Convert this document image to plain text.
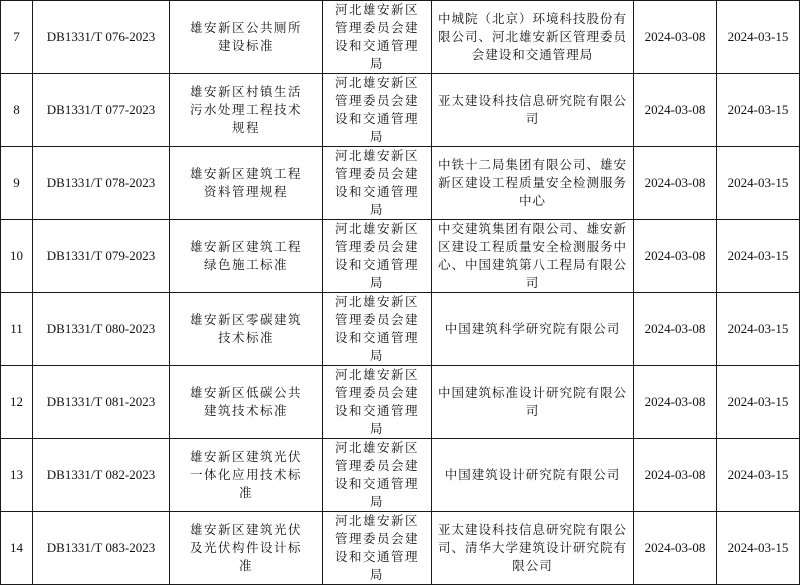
7	DB1331/T 076-2023	雄安新区公共厕所建设标准	河北雄安新区管理委员会建设和交通管理局	中城院（北京）环境科技股份有限公司、河北雄安新区管理委员会建设和交通管理局	2024-03-08	2024-03-15
8	DB1331/T 077-2023	雄安新区村镇生活污水处理工程技术规程	河北雄安新区管理委员会建设和交通管理局	亚太建设科技信息研究院有限公司	2024-03-08	2024-03-15
9	DB1331/T 078-2023	雄安新区建筑工程资料管理规程	河北雄安新区管理委员会建设和交通管理局	中铁十二局集团有限公司、雄安新区建设工程质量安全检测服务中心	2024-03-08	2024-03-15
10	DB1331/T 079-2023	雄安新区建筑工程绿色施工标准	河北雄安新区管理委员会建设和交通管理局	中交建筑集团有限公司、雄安新区建设工程质量安全检测服务中心、中国建筑第八工程局有限公司	2024-03-08	2024-03-15
11	DB1331/T 080-2023	雄安新区零碳建筑技术标准	河北雄安新区管理委员会建设和交通管理局	中国建筑科学研究院有限公司	2024-03-08	2024-03-15
12	DB1331/T 081-2023	雄安新区低碳公共建筑技术标准	河北雄安新区管理委员会建设和交通管理局	中国建筑标准设计研究院有限公司	2024-03-08	2024-03-15
13	DB1331/T 082-2023	雄安新区建筑光伏一体化应用技术标准	河北雄安新区管理委员会建设和交通管理局	中国建筑设计研究院有限公司	2024-03-08	2024-03-15
14	DB1331/T 083-2023	雄安新区建筑光伏及光伏构件设计标准	河北雄安新区管理委员会建设和交通管理局	亚太建设科技信息研究院有限公司、清华大学建筑设计研究院有限公司	2024-03-08	2024-03-15
